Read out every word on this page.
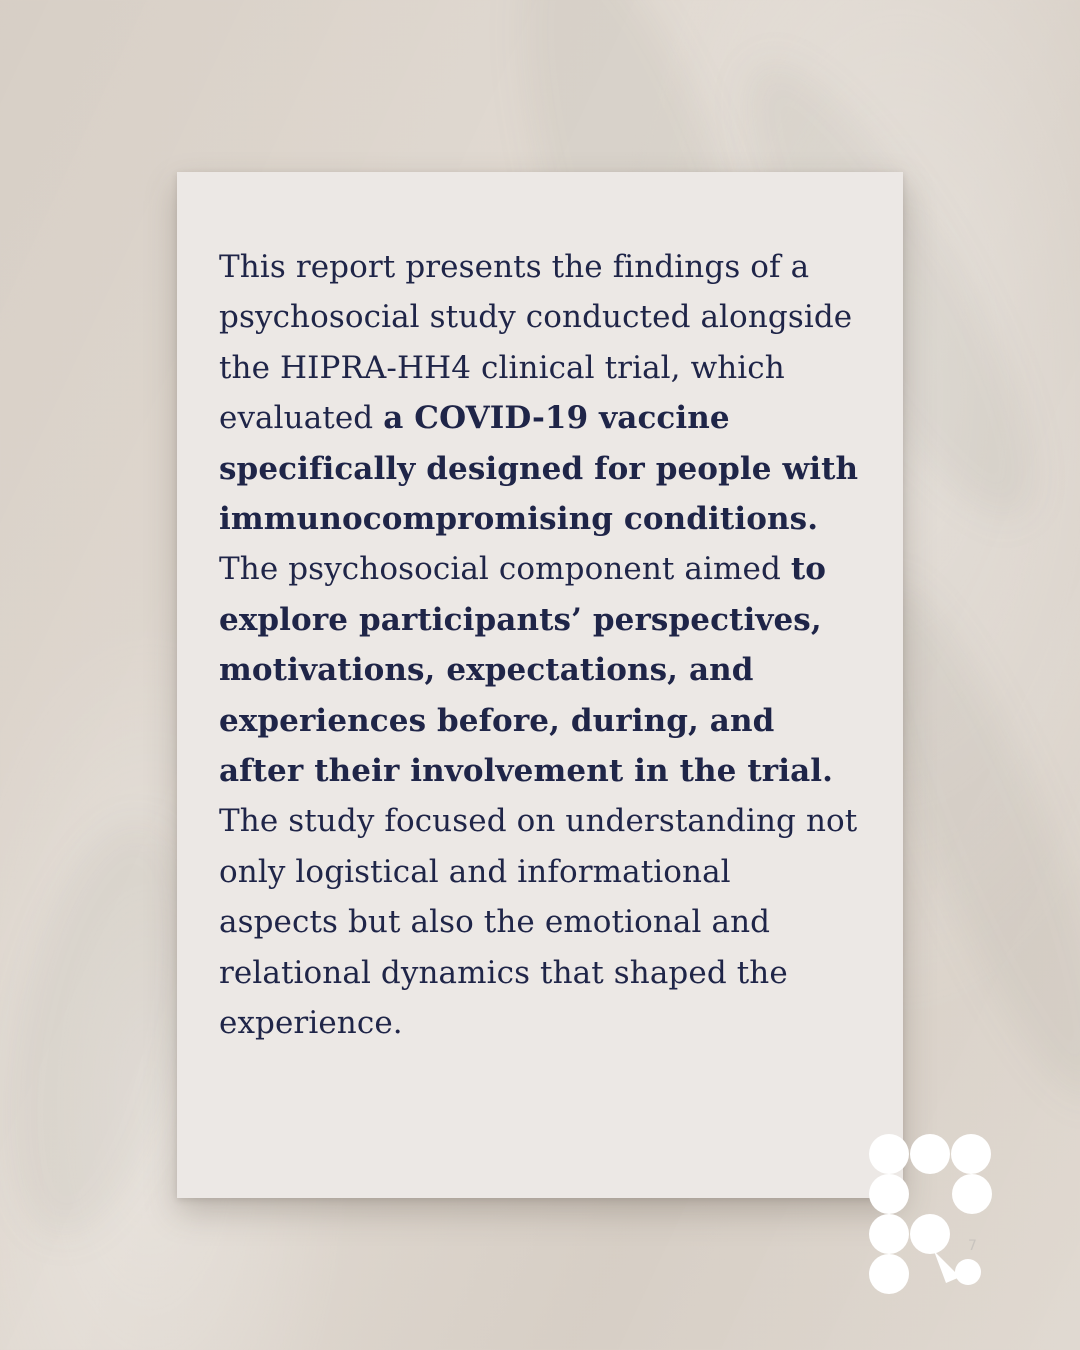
This report presents the findings of a psychosocial study conducted alongside the HIPRA-HH4 clinical trial, which evaluated a COVID-19 vaccine specifically designed for people with immunocompromising conditions. The psychosocial component aimed to explore participants’ perspectives, motivations, expectations, and experiences before, during, and after their involvement in the trial. The study focused on understanding not only logistical and informational aspects but also the emotional and relational dynamics that shaped the experience.

7
